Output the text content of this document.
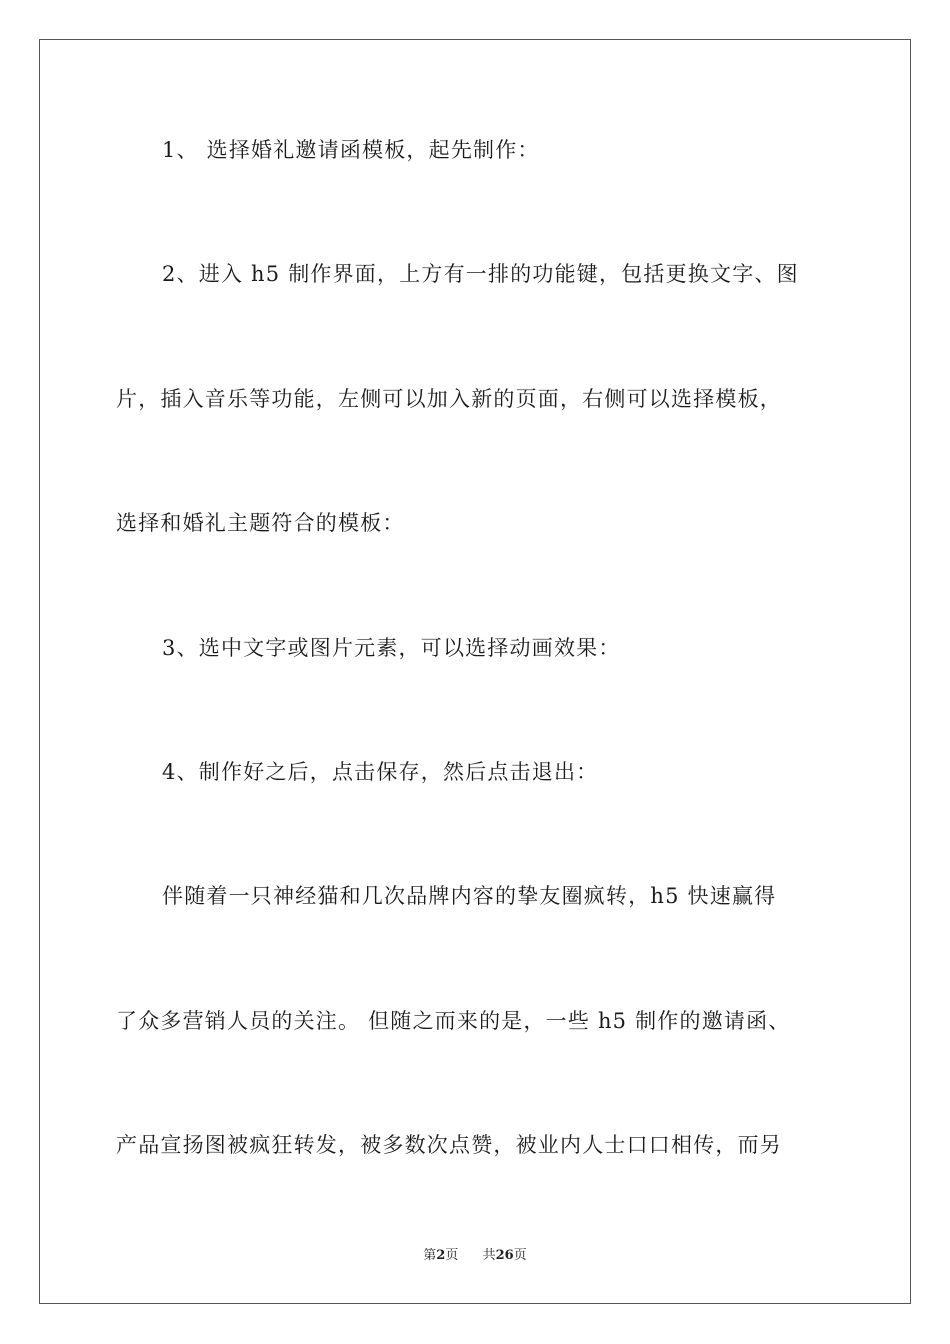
1、 选择婚礼邀请函模板，起先制作：
2、进入 h5 制作界面，上方有一排的功能键，包括更换文字、图
片，插入音乐等功能，左侧可以加入新的页面，右侧可以选择模板，
选择和婚礼主题符合的模板：
3、选中文字或图片元素，可以选择动画效果：
4、制作好之后，点击保存，然后点击退出：
伴随着一只神经猫和几次品牌内容的挚友圈疯转，h5 快速赢得
了众多营销人员的关注。 但随之而来的是，一些 h5 制作的邀请函、
产品宣扬图被疯狂转发，被多数次点赞，被业内人士口口相传，而另
第2页 共26页
